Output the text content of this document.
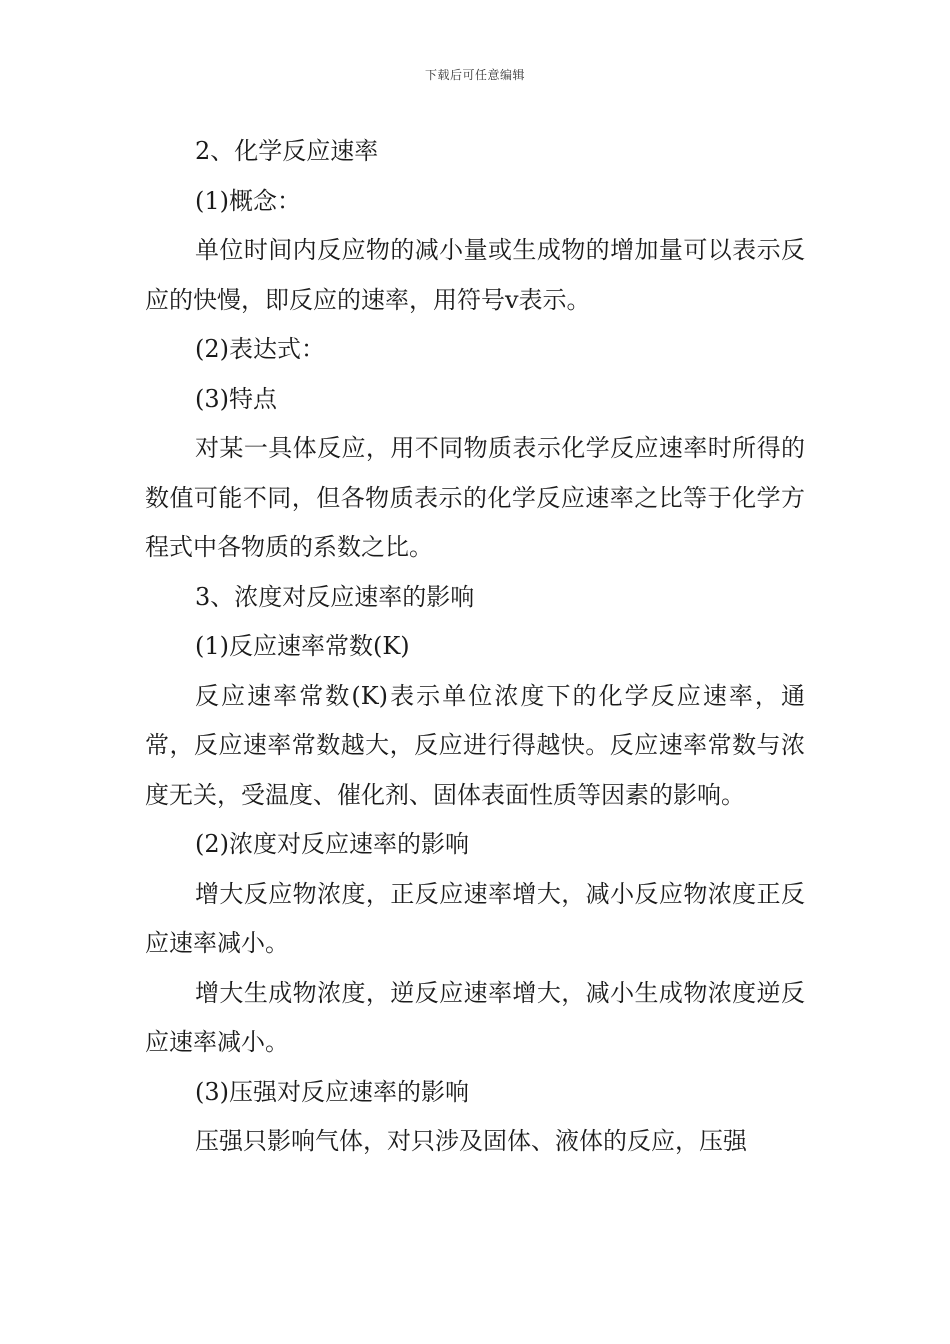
下载后可任意编辑

2、化学反应速率

(1)概念：

单位时间内反应物的减小量或生成物的增加量可以表示反应的快慢，即反应的速率，用符号v表示。

(2)表达式：

(3)特点

对某一具体反应，用不同物质表示化学反应速率时所得的数值可能不同，但各物质表示的化学反应速率之比等于化学方程式中各物质的系数之比。

3、浓度对反应速率的影响

(1)反应速率常数(K)

反应速率常数(K)表示单位浓度下的化学反应速率，通常，反应速率常数越大，反应进行得越快。反应速率常数与浓度无关，受温度、催化剂、固体表面性质等因素的影响。

(2)浓度对反应速率的影响

增大反应物浓度，正反应速率增大，减小反应物浓度正反应速率减小。

增大生成物浓度，逆反应速率增大，减小生成物浓度逆反应速率减小。

(3)压强对反应速率的影响

压强只影响气体，对只涉及固体、液体的反应，压强
